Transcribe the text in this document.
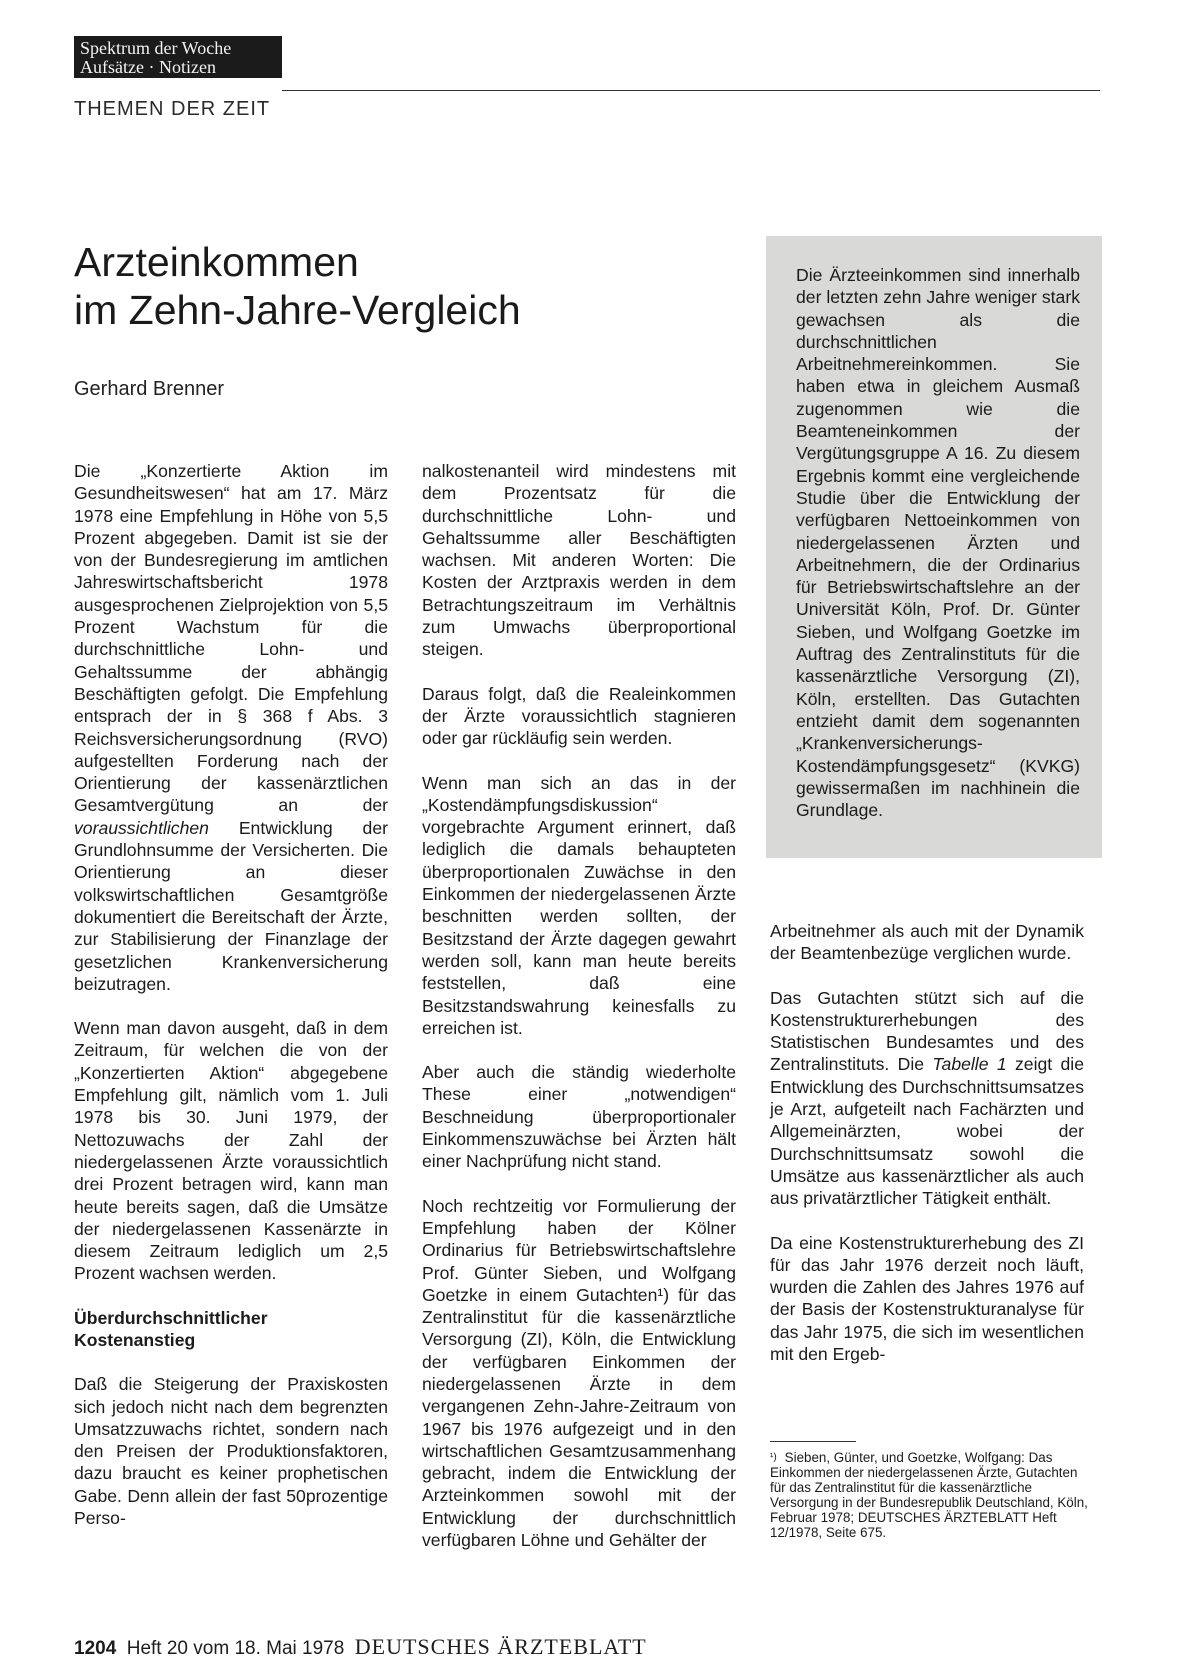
Spektrum der Woche
Aufsätze · Notizen
THEMEN DER ZEIT
Arzteinkommen
im Zehn-Jahre-Vergleich
Gerhard Brenner
Die Ärzteeinkommen sind innerhalb der letzten zehn Jahre weniger stark gewachsen als die durchschnittlichen Arbeitnehmereinkommen. Sie haben etwa in gleichem Ausmaß zugenommen wie die Beamteneinkommen der Vergütungsgruppe A 16. Zu diesem Ergebnis kommt eine vergleichende Studie über die Entwicklung der verfügbaren Nettoeinkommen von niedergelassenen Ärzten und Arbeitnehmern, die der Ordinarius für Betriebswirtschaftslehre an der Universität Köln, Prof. Dr. Günter Sieben, und Wolfgang Goetzke im Auftrag des Zentralinstituts für die kassenärztliche Versorgung (ZI), Köln, erstellten. Das Gutachten entzieht damit dem sogenannten „Krankenversicherungs-Kostendämpfungsgesetz“ (KVKG) gewissermaßen im nachhinein die Grundlage.

Die „Konzertierte Aktion im Gesundheitswesen“ hat am 17. März 1978 eine Empfehlung in Höhe von 5,5 Prozent abgegeben. Damit ist sie der von der Bundesregierung im amtlichen Jahreswirtschaftsbericht 1978 ausgesprochenen Zielprojektion von 5,5 Prozent Wachstum für die durchschnittliche Lohn- und Gehaltssumme der abhängig Beschäftigten gefolgt. Die Empfehlung entsprach der in § 368 f Abs. 3 Reichsversicherungsordnung (RVO) aufgestellten Forderung nach der Orientierung der kassenärztlichen Gesamtvergütung an der voraussichtlichen Entwicklung der Grundlohnsumme der Versicherten. Die Orientierung an dieser volkswirtschaftlichen Gesamtgröße dokumentiert die Bereitschaft der Ärzte, zur Stabilisierung der Finanzlage der gesetzlichen Krankenversicherung beizutragen.

Wenn man davon ausgeht, daß in dem Zeitraum, für welchen die von der „Konzertierten Aktion“ abgegebene Empfehlung gilt, nämlich vom 1. Juli 1978 bis 30. Juni 1979, der Nettozuwachs der Zahl der niedergelassenen Ärzte voraussichtlich drei Prozent betragen wird, kann man heute bereits sagen, daß die Umsätze der niedergelassenen Kassenärzte in diesem Zeitraum lediglich um 2,5 Prozent wachsen werden.

Überdurchschnittlicher
Kostenanstieg

Daß die Steigerung der Praxiskosten sich jedoch nicht nach dem begrenzten Umsatzzuwachs richtet, sondern nach den Preisen der Produktionsfaktoren, dazu braucht es keiner prophetischen Gabe. Denn allein der fast 50prozentige Perso-

nalkostenanteil wird mindestens mit dem Prozentsatz für die durchschnittliche Lohn- und Gehaltssumme aller Beschäftigten wachsen. Mit anderen Worten: Die Kosten der Arztpraxis werden in dem Betrachtungszeitraum im Verhältnis zum Umwachs überproportional steigen.

Daraus folgt, daß die Realeinkommen der Ärzte voraussichtlich stagnieren oder gar rückläufig sein werden.

Wenn man sich an das in der „Kostendämpfungsdiskussion“ vorgebrachte Argument erinnert, daß lediglich die damals behaupteten überproportionalen Zuwächse in den Einkommen der niedergelassenen Ärzte beschnitten werden sollten, der Besitzstand der Ärzte dagegen gewahrt werden soll, kann man heute bereits feststellen, daß eine Besitzstandswahrung keinesfalls zu erreichen ist.

Aber auch die ständig wiederholte These einer „notwendigen“ Beschneidung überproportionaler Einkommenszuwächse bei Ärzten hält einer Nachprüfung nicht stand.

Noch rechtzeitig vor Formulierung der Empfehlung haben der Kölner Ordinarius für Betriebswirtschaftslehre Prof. Günter Sieben, und Wolfgang Goetzke in einem Gutachten¹) für das Zentralinstitut für die kassenärztliche Versorgung (ZI), Köln, die Entwicklung der verfügbaren Einkommen der niedergelassenen Ärzte in dem vergangenen Zehn-Jahre-Zeitraum von 1967 bis 1976 aufgezeigt und in den wirtschaftlichen Gesamtzusammenhang gebracht, indem die Entwicklung der Arzteinkommen sowohl mit der Entwicklung der durchschnittlich verfügbaren Löhne und Gehälter der

Arbeitnehmer als auch mit der Dynamik der Beamtenbezüge verglichen wurde.

Das Gutachten stützt sich auf die Kostenstrukturerhebungen des Statistischen Bundesamtes und des Zentralinstituts. Die Tabelle 1 zeigt die Entwicklung des Durchschnittsumsatzes je Arzt, aufgeteilt nach Fachärzten und Allgemeinärzten, wobei der Durchschnittsumsatz sowohl die Umsätze aus kassenärztlicher als auch aus privatärztlicher Tätigkeit enthält.

Da eine Kostenstrukturerhebung des ZI für das Jahr 1976 derzeit noch läuft, wurden die Zahlen des Jahres 1976 auf der Basis der Kostenstrukturanalyse für das Jahr 1975, die sich im wesentlichen mit den Ergeb-

$^{^1)}$ Sieben, Günter, und Goetzke, Wolfgang: Das Einkommen der niedergelassenen Ärzte, Gutachten für das Zentralinstitut für die kassenärztliche Versorgung in der Bundesrepublik Deutschland, Köln, Februar 1978; DEUTSCHES ÄRZTEBLATT Heft 12/1978, Seite 675.
1204 Heft 20 vom 18. Mai 1978 DEUTSCHES ÄRZTEBLATT
